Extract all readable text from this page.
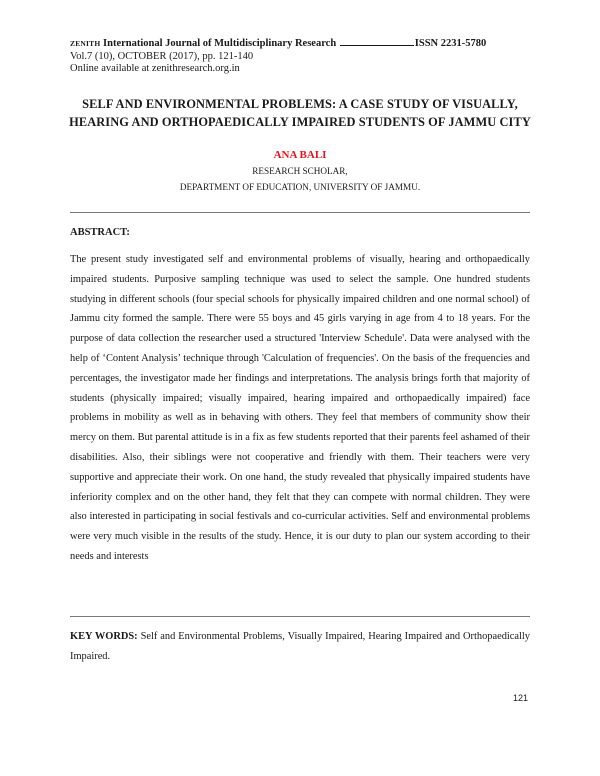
ZENITH International Journal of Multidisciplinary Research	ISSN 2231-5780
Vol.7 (10), OCTOBER (2017), pp. 121-140
Online available at zenithresearch.org.in
SELF AND ENVIRONMENTAL PROBLEMS: A CASE STUDY OF VISUALLY, HEARING AND ORTHOPAEDICALLY IMPAIRED STUDENTS OF JAMMU CITY
ANA BALI
RESEARCH SCHOLAR,
DEPARTMENT OF EDUCATION, UNIVERSITY OF JAMMU.
ABSTRACT:

The present study investigated self and environmental problems of visually, hearing and orthopaedically impaired students. Purposive sampling technique was used to select the sample. One hundred students studying in different schools (four special schools for physically impaired children and one normal school) of Jammu city formed the sample. There were 55 boys and 45 girls varying in age from 4 to 18 years. For the purpose of data collection the researcher used a structured 'Interview Schedule'. Data were analysed with the help of ‘Content Analysis’ technique through 'Calculation of frequencies'. On the basis of the frequencies and percentages, the investigator made her findings and interpretations. The analysis brings forth that majority of students (physically impaired; visually impaired, hearing impaired and orthopaedically impaired) face problems in mobility as well as in behaving with others. They feel that members of community show their mercy on them. But parental attitude is in a fix as few students reported that their parents feel ashamed of their disabilities. Also, their siblings were not cooperative and friendly with them. Their teachers were very supportive and appreciate their work. On one hand, the study revealed that physically impaired students have inferiority complex and on the other hand, they felt that they can compete with normal children. They were also interested in participating in social festivals and co-curricular activities. Self and environmental problems were very much visible in the results of the study. Hence, it is our duty to plan our system according to their needs and interests

KEY WORDS: Self and Environmental Problems, Visually Impaired, Hearing Impaired and Orthopaedically Impaired.

121
